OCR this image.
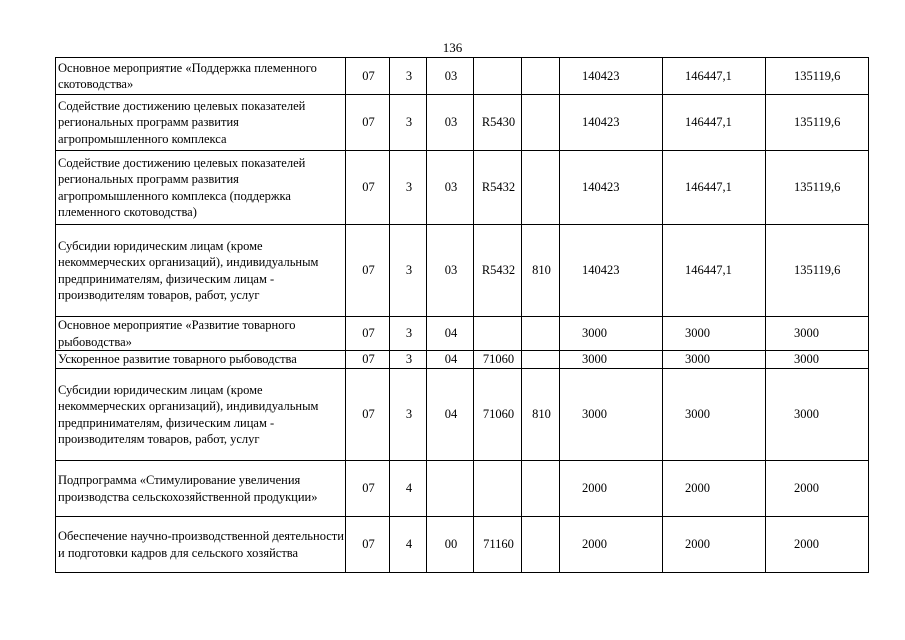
136
Основное мероприятие «Поддержка племенного скотоводства»	07	3	03			140423	146447,1	135119,6
Содействие достижению целевых показателей региональных программ развития агропромышленного комплекса	07	3	03	R5430		140423	146447,1	135119,6
Содействие достижению целевых показателей региональных программ развития агропромышленного комплекса (поддержка племенного скотоводства)	07	3	03	R5432		140423	146447,1	135119,6
Субсидии юридическим лицам (кроме некоммерческих организаций), индивидуальным предпринимателям, физическим лицам - производителям товаров, работ, услуг	07	3	03	R5432	810	140423	146447,1	135119,6
Основное мероприятие «Развитие товарного рыбоводства»	07	3	04			3000	3000	3000
Ускоренное развитие товарного рыбоводства	07	3	04	71060		3000	3000	3000
Субсидии юридическим лицам (кроме некоммерческих организаций), индивидуальным предпринимателям, физическим лицам - производителям товаров, работ, услуг	07	3	04	71060	810	3000	3000	3000
Подпрограмма «Стимулирование увеличения производства сельскохозяйственной продукции»	07	4				2000	2000	2000
Обеспечение научно-производственной деятельности и подготовки кадров для сельского хозяйства	07	4	00	71160		2000	2000	2000
